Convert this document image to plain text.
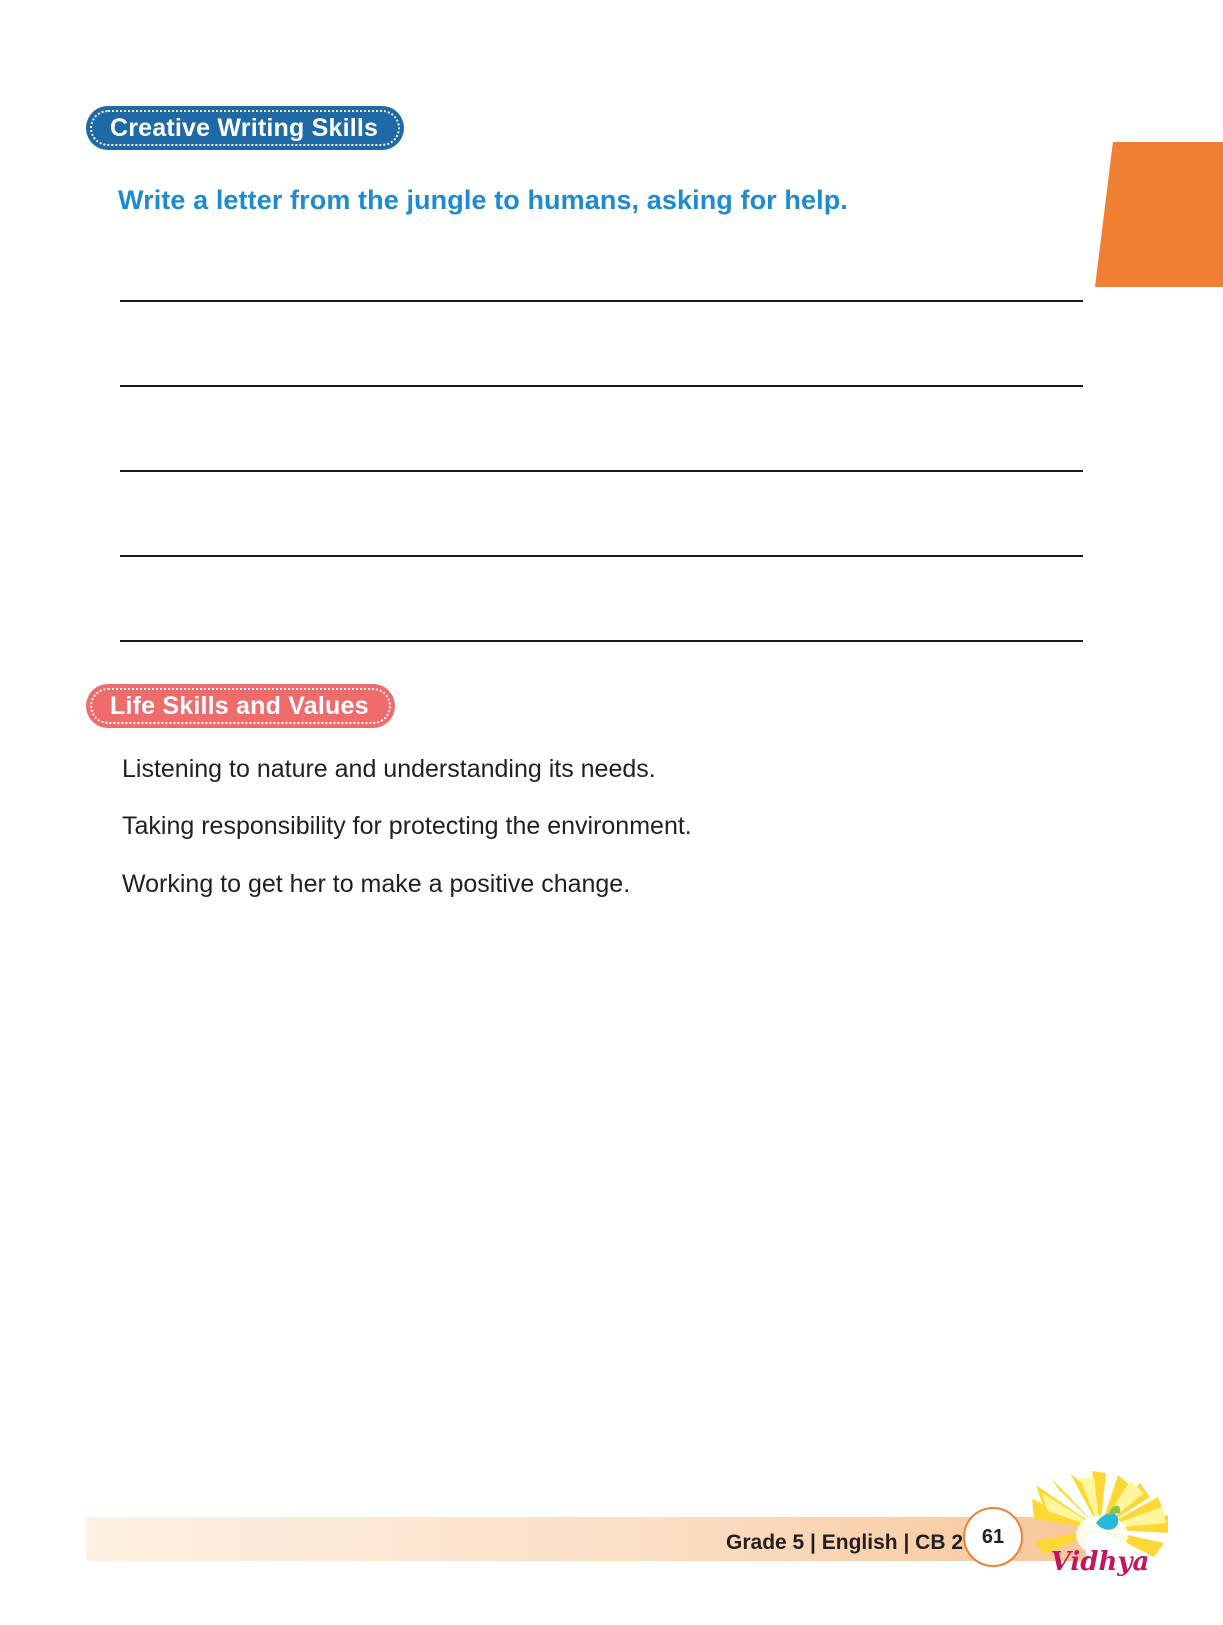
Creative Writing Skills
Write a letter from the jungle to humans, asking for help.
Life Skills and Values
Listening to nature and understanding its needs.
Taking responsibility for protecting the environment.
Working to get her to make a positive change.
Grade 5 | English | CB 2 61
Vidhya
